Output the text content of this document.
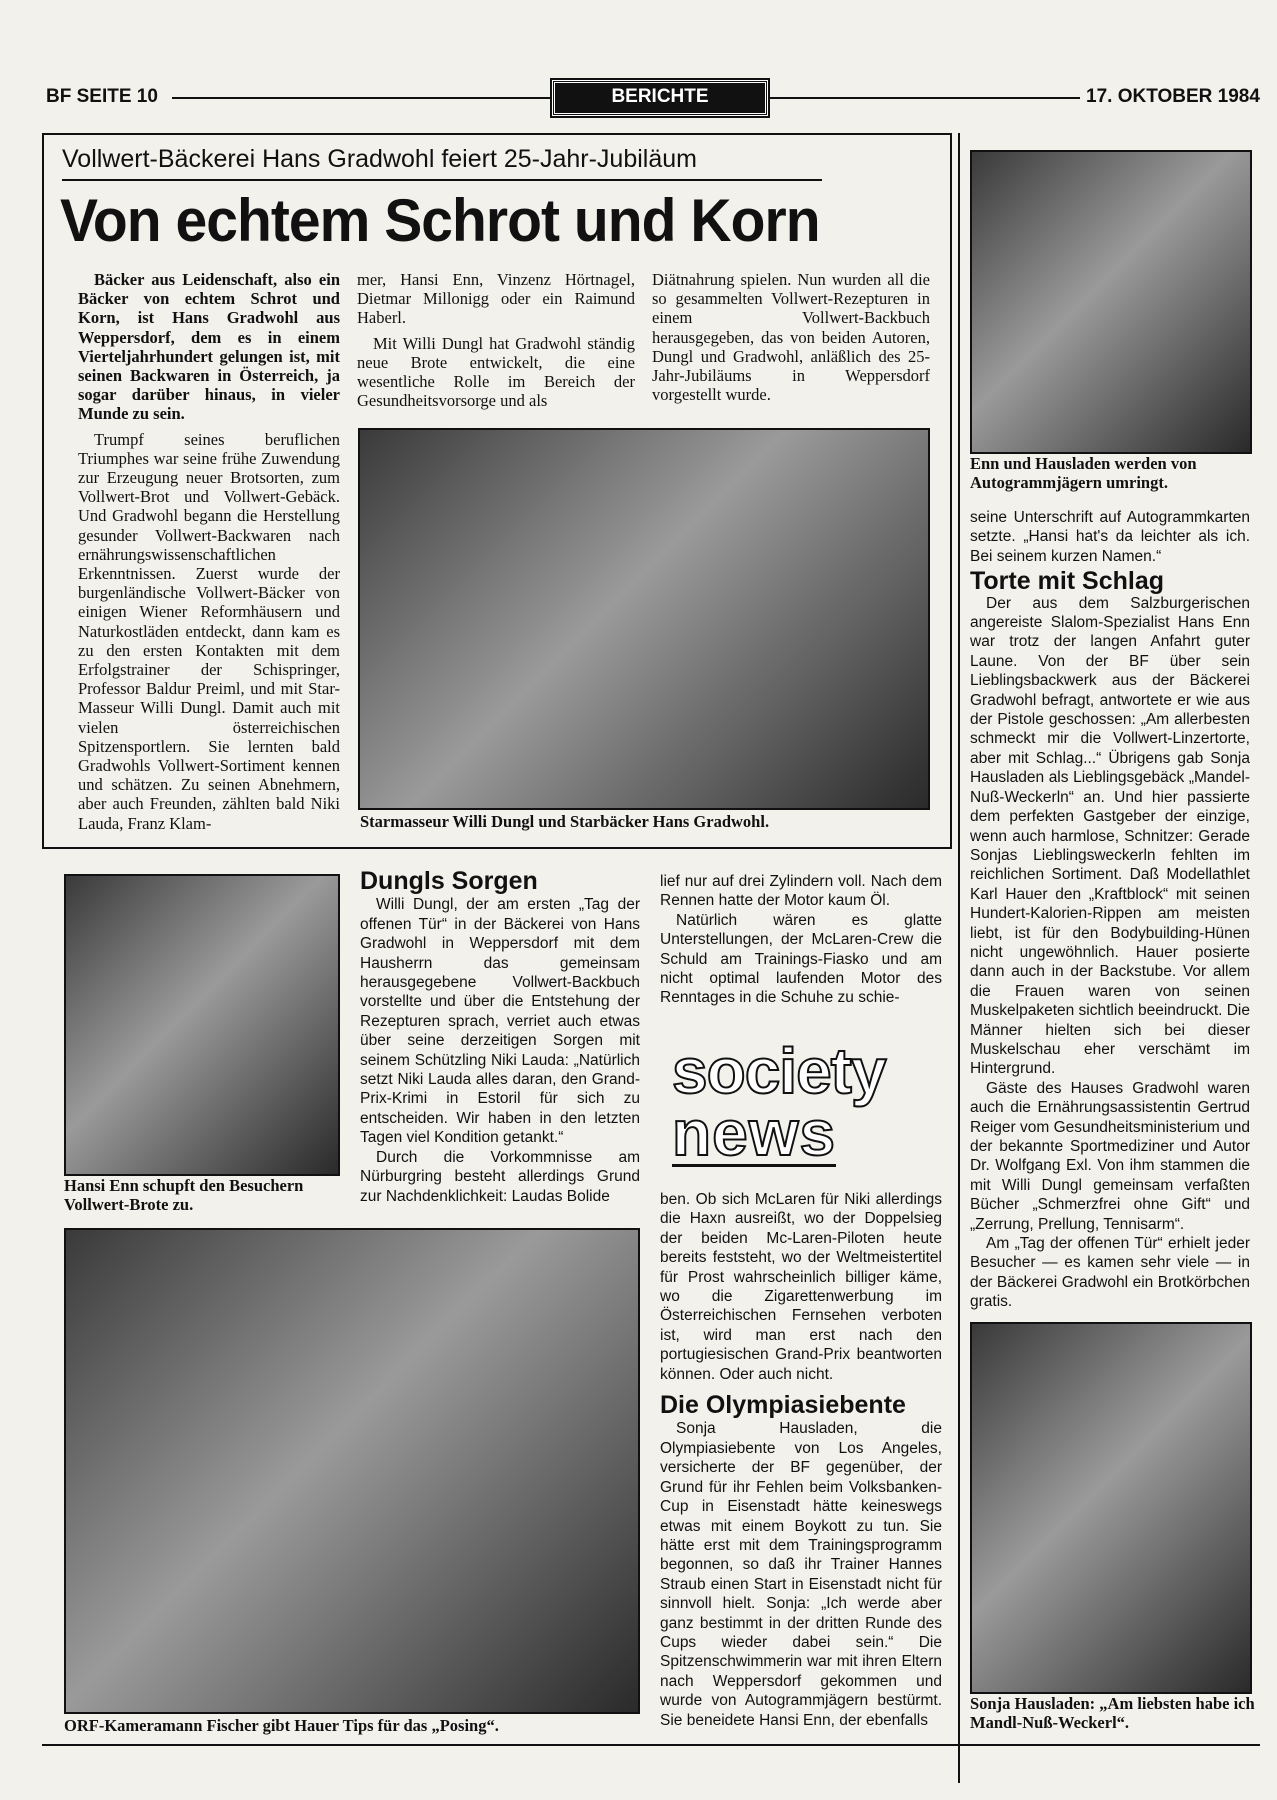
BF SEITE 10	BERICHTE	17. OKTOBER 1984
Vollwert-Bäckerei Hans Gradwohl feiert 25-Jahr-Jubiläum
Von echtem Schrot und Korn

Bäcker aus Leidenschaft, also ein Bäcker von echtem Schrot und Korn, ist Hans Gradwohl aus Weppersdorf, dem es in einem Vierteljahrhundert gelungen ist, mit seinen Backwaren in Österreich, ja sogar darüber hinaus, in vieler Munde zu sein.

Trumpf seines beruflichen Triumphes war seine frühe Zuwendung zur Erzeugung neuer Brotsorten, zum Vollwert-Brot und Vollwert-Gebäck. Und Gradwohl begann die Herstellung gesunder Vollwert-Backwaren nach ernährungswissenschaftlichen Erkenntnissen. Zuerst wurde der burgenländische Vollwert-Bäcker von einigen Wiener Reformhäusern und Naturkostläden entdeckt, dann kam es zu den ersten Kontakten mit dem Erfolgstrainer der Schispringer, Professor Baldur Preiml, und mit Star-Masseur Willi Dungl. Damit auch mit vielen österreichischen Spitzensportlern. Sie lernten bald Gradwohls Vollwert-Sortiment kennen und schätzen. Zu seinen Abnehmern, aber auch Freunden, zählten bald Niki Lauda, Franz Klam-

mer, Hansi Enn, Vinzenz Hörtnagel, Dietmar Millonigg oder ein Raimund Haberl.

Mit Willi Dungl hat Gradwohl ständig neue Brote entwickelt, die eine wesentliche Rolle im Bereich der Gesundheitsvorsorge und als

Diätnahrung spielen. Nun wurden all die so gesammelten Vollwert-Rezepturen in einem Vollwert-Backbuch herausgegeben, das von beiden Autoren, Dungl und Gradwohl, anläßlich des 25-Jahr-Jubiläums in Weppersdorf vorgestellt wurde.

Starmasseur Willi Dungl und Starbäcker Hans Gradwohl.
Enn und Hausladen werden von Autogrammjägern umringt.

seine Unterschrift auf Autogrammkarten setzte. „Hansi hat's da leichter als ich. Bei seinem kurzen Namen.“

Torte mit Schlag

Der aus dem Salzburgerischen angereiste Slalom-Spezialist Hans Enn war trotz der langen Anfahrt guter Laune. Von der BF über sein Lieblingsbackwerk aus der Bäckerei Gradwohl befragt, antwortete er wie aus der Pistole geschossen: „Am allerbesten schmeckt mir die Vollwert-Linzertorte, aber mit Schlag...“ Übrigens gab Sonja Hausladen als Lieblingsgebäck „Mandel-Nuß-Weckerln“ an. Und hier passierte dem perfekten Gastgeber der einzige, wenn auch harmlose, Schnitzer: Gerade Sonjas Lieblingsweckerln fehlten im reichlichen Sortiment. Daß Modellathlet Karl Hauer den „Kraftblock“ mit seinen Hundert-Kalorien-Rippen am meisten liebt, ist für den Bodybuilding-Hünen nicht ungewöhnlich. Hauer posierte dann auch in der Backstube. Vor allem die Frauen waren von seinen Muskelpaketen sichtlich beeindruckt. Die Männer hielten sich bei dieser Muskelschau eher verschämt im Hintergrund.

Gäste des Hauses Gradwohl waren auch die Ernährungsassistentin Gertrud Reiger vom Gesundheitsministerium und der bekannte Sportmediziner und Autor Dr. Wolfgang Exl. Von ihm stammen die mit Willi Dungl gemeinsam verfaßten Bücher „Schmerzfrei ohne Gift“ und „Zerrung, Prellung, Tennisarm“.

Am „Tag der offenen Tür“ erhielt jeder Besucher — es kamen sehr viele — in der Bäckerei Gradwohl ein Brotkörbchen gratis.

Sonja Hausladen: „Am liebsten habe ich Mandl-Nuß-Weckerl“.
Hansi Enn schupft den Besuchern Vollwert-Brote zu.
ORF-Kameramann Fischer gibt Hauer Tips für das „Posing“.
Dungls Sorgen

Willi Dungl, der am ersten „Tag der offenen Tür“ in der Bäckerei von Hans Gradwohl in Weppersdorf mit dem Hausherrn das gemeinsam herausgegebene Vollwert-Backbuch vorstellte und über die Entstehung der Rezepturen sprach, verriet auch etwas über seine derzeitigen Sorgen mit seinem Schützling Niki Lauda: „Natürlich setzt Niki Lauda alles daran, den Grand-Prix-Krimi in Estoril für sich zu entscheiden. Wir haben in den letzten Tagen viel Kondition getankt.“

Durch die Vorkommnisse am Nürburgring besteht allerdings Grund zur Nachdenklichkeit: Laudas Bolide

lief nur auf drei Zylindern voll. Nach dem Rennen hatte der Motor kaum Öl.

Natürlich wären es glatte Unterstellungen, der McLaren-Crew die Schuld am Trainings-Fiasko und am nicht optimal laufenden Motor des Renntages in die Schuhe zu schie-

society
news

ben. Ob sich McLaren für Niki allerdings die Haxn ausreißt, wo der Doppelsieg der beiden Mc-Laren-Piloten heute bereits feststeht, wo der Weltmeistertitel für Prost wahrscheinlich billiger käme, wo die Zigarettenwerbung im Österreichischen Fernsehen verboten ist, wird man erst nach den portugiesischen Grand-Prix beantworten können. Oder auch nicht.

Die Olympiasiebente

Sonja Hausladen, die Olympiasiebente von Los Angeles, versicherte der BF gegenüber, der Grund für ihr Fehlen beim Volksbanken-Cup in Eisenstadt hätte keineswegs etwas mit einem Boykott zu tun. Sie hätte erst mit dem Trainingsprogramm begonnen, so daß ihr Trainer Hannes Straub einen Start in Eisenstadt nicht für sinnvoll hielt. Sonja: „Ich werde aber ganz bestimmt in der dritten Runde des Cups wieder dabei sein.“ Die Spitzenschwimmerin war mit ihren Eltern nach Weppersdorf gekommen und wurde von Autogrammjägern bestürmt. Sie beneidete Hansi Enn, der ebenfalls
